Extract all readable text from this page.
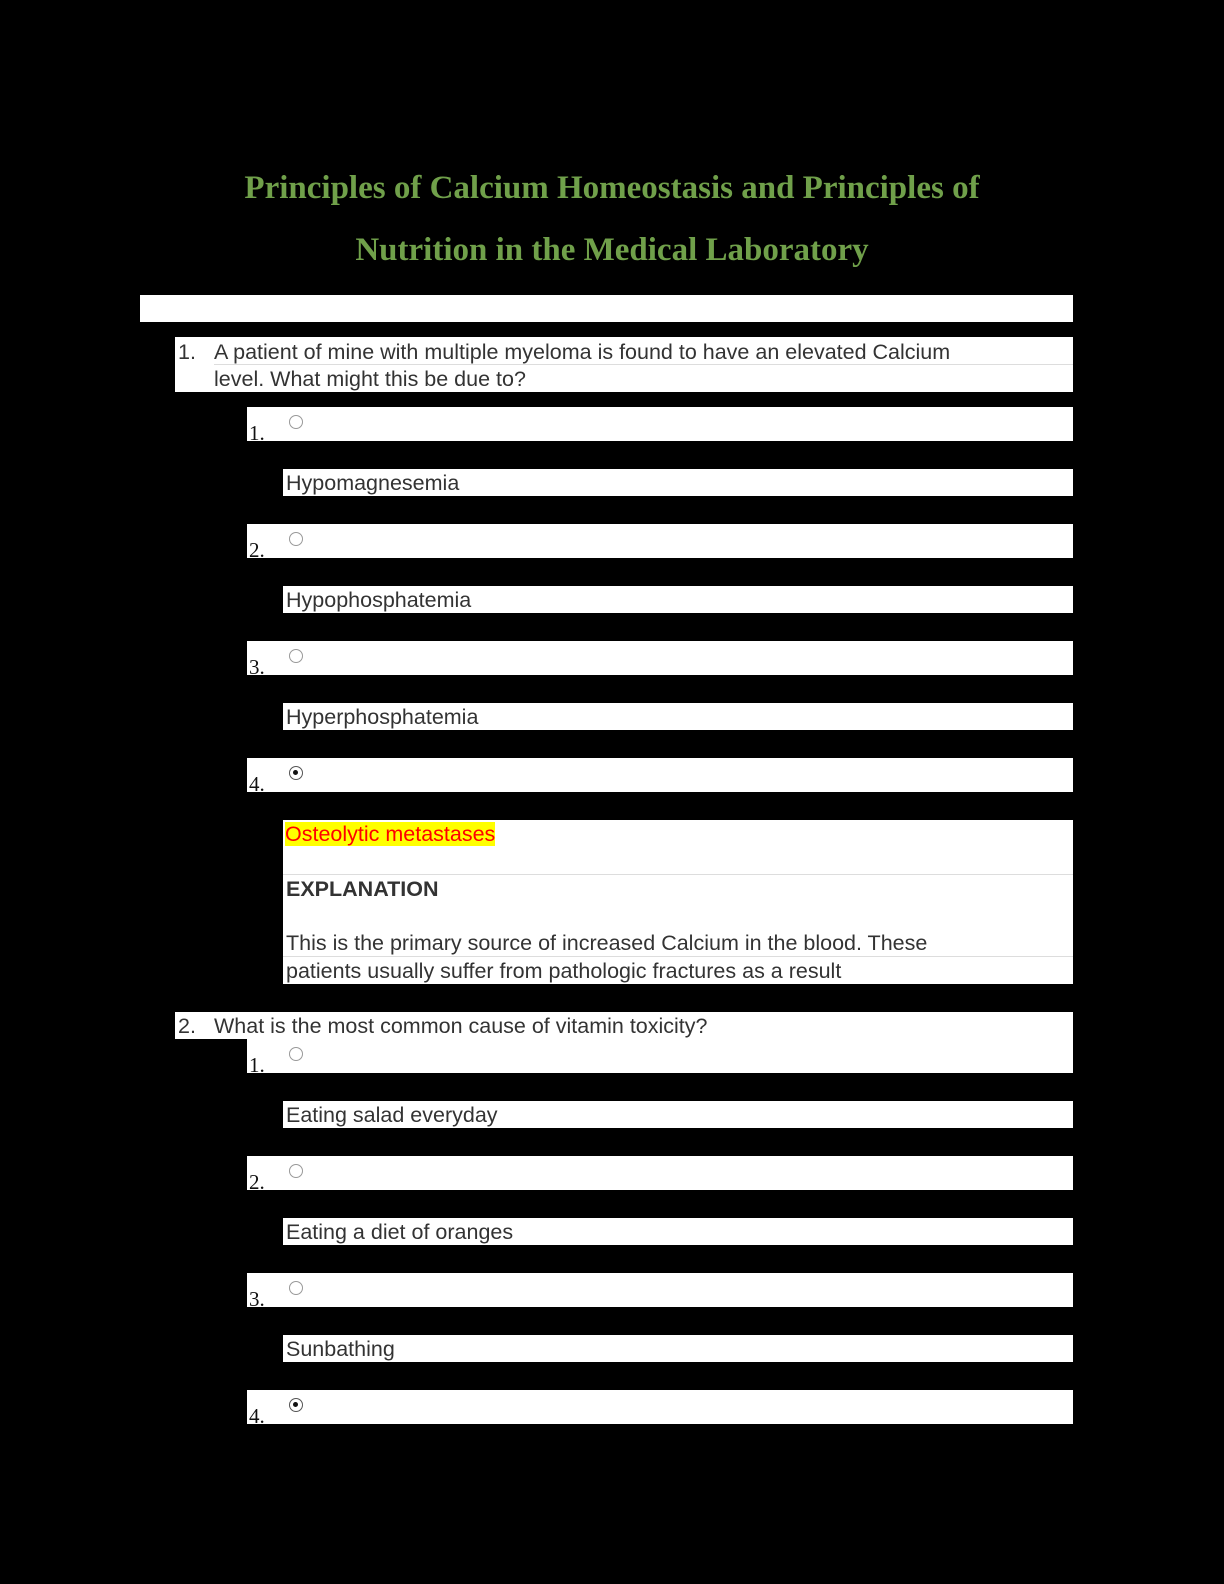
Principles of Calcium Homeostasis and Principles of
Nutrition in the Medical Laboratory
1. A patient of mine with multiple myeloma is found to have an elevated Calcium
level. What might this be due to?
1.
Hypomagnesemia
2.
Hypophosphatemia
3.
Hyperphosphatemia
4.
Osteolytic metastases
EXPLANATION
This is the primary source of increased Calcium in the blood. These
patients usually suffer from pathologic fractures as a result
2. What is the most common cause of vitamin toxicity?
1.
Eating salad everyday
2.
Eating a diet of oranges
3.
Sunbathing
4.
